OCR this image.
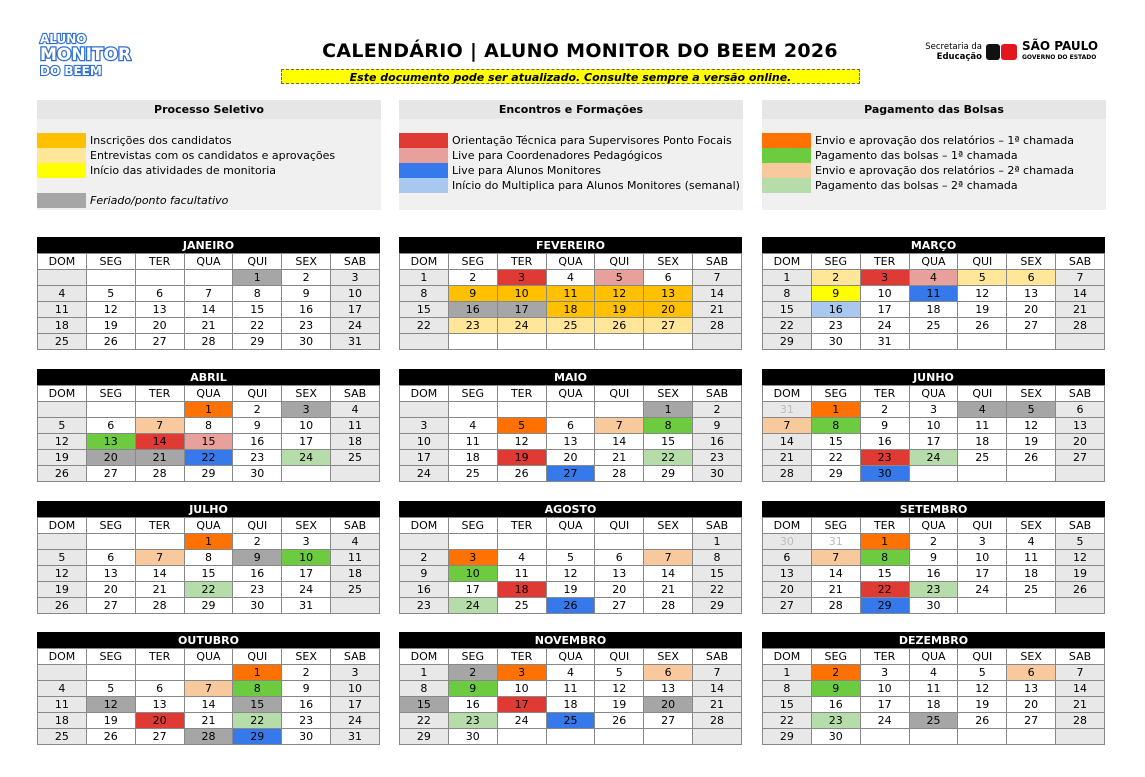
ALUNO
MONITOR
DO BEEM
CALENDÁRIO | ALUNO MONITOR DO BEEM 2026
Este documento pode ser atualizado. Consulte sempre a versão online.
Secretaria da
Educação
SÃO PAULO
GOVERNO DO ESTADO
Processo Seletivo
Inscrições dos candidatos
Entrevistas com os candidatos e aprovações
Início das atividades de monitoria
Feriado/ponto facultativo
Encontros e Formações
Orientação Técnica para Supervisores Ponto Focais
Live para Coordenadores Pedagógicos
Live para Alunos Monitores
Início do Multiplica para Alunos Monitores (semanal)
Pagamento das Bolsas
Envio e aprovação dos relatórios – 1ª chamada
Pagamento das bolsas – 1ª chamada
Envio e aprovação dos relatórios – 2ª chamada
Pagamento das bolsas – 2ª chamada
JANEIRO
DOM	SEG	TER	QUA	QUI	SEX	SAB
				1	2	3
4	5	6	7	8	9	10
11	12	13	14	15	16	17
18	19	20	21	22	23	24
25	26	27	28	29	30	31
FEVEREIRO
DOM	SEG	TER	QUA	QUI	SEX	SAB
1	2	3	4	5	6	7
8	9	10	11	12	13	14
15	16	17	18	19	20	21
22	23	24	25	26	27	28

MARÇO
DOM	SEG	TER	QUA	QUI	SEX	SAB
1	2	3	4	5	6	7
8	9	10	11	12	13	14
15	16	17	18	19	20	21
22	23	24	25	26	27	28
29	30	31				
ABRIL
DOM	SEG	TER	QUA	QUI	SEX	SAB
			1	2	3	4
5	6	7	8	9	10	11
12	13	14	15	16	17	18
19	20	21	22	23	24	25
26	27	28	29	30		
MAIO
DOM	SEG	TER	QUA	QUI	SEX	SAB
					1	2
3	4	5	6	7	8	9
10	11	12	13	14	15	16
17	18	19	20	21	22	23
24	25	26	27	28	29	30
JUNHO
DOM	SEG	TER	QUA	QUI	SEX	SAB
31	1	2	3	4	5	6
7	8	9	10	11	12	13
14	15	16	17	18	19	20
21	22	23	24	25	26	27
28	29	30				
JULHO
DOM	SEG	TER	QUA	QUI	SEX	SAB
			1	2	3	4
5	6	7	8	9	10	11
12	13	14	15	16	17	18
19	20	21	22	23	24	25
26	27	28	29	30	31	
AGOSTO
DOM	SEG	TER	QUA	QUI	SEX	SAB
						1
2	3	4	5	6	7	8
9	10	11	12	13	14	15
16	17	18	19	20	21	22
23	24	25	26	27	28	29
SETEMBRO
DOM	SEG	TER	QUA	QUI	SEX	SAB
30	31	1	2	3	4	5
6	7	8	9	10	11	12
13	14	15	16	17	18	19
20	21	22	23	24	25	26
27	28	29	30			
OUTUBRO
DOM	SEG	TER	QUA	QUI	SEX	SAB
				1	2	3
4	5	6	7	8	9	10
11	12	13	14	15	16	17
18	19	20	21	22	23	24
25	26	27	28	29	30	31
NOVEMBRO
DOM	SEG	TER	QUA	QUI	SEX	SAB
1	2	3	4	5	6	7
8	9	10	11	12	13	14
15	16	17	18	19	20	21
22	23	24	25	26	27	28
29	30					
DEZEMBRO
DOM	SEG	TER	QUA	QUI	SEX	SAB
1	2	3	4	5	6	7
8	9	10	11	12	13	14
15	16	17	18	19	20	21
22	23	24	25	26	27	28
29	30					
